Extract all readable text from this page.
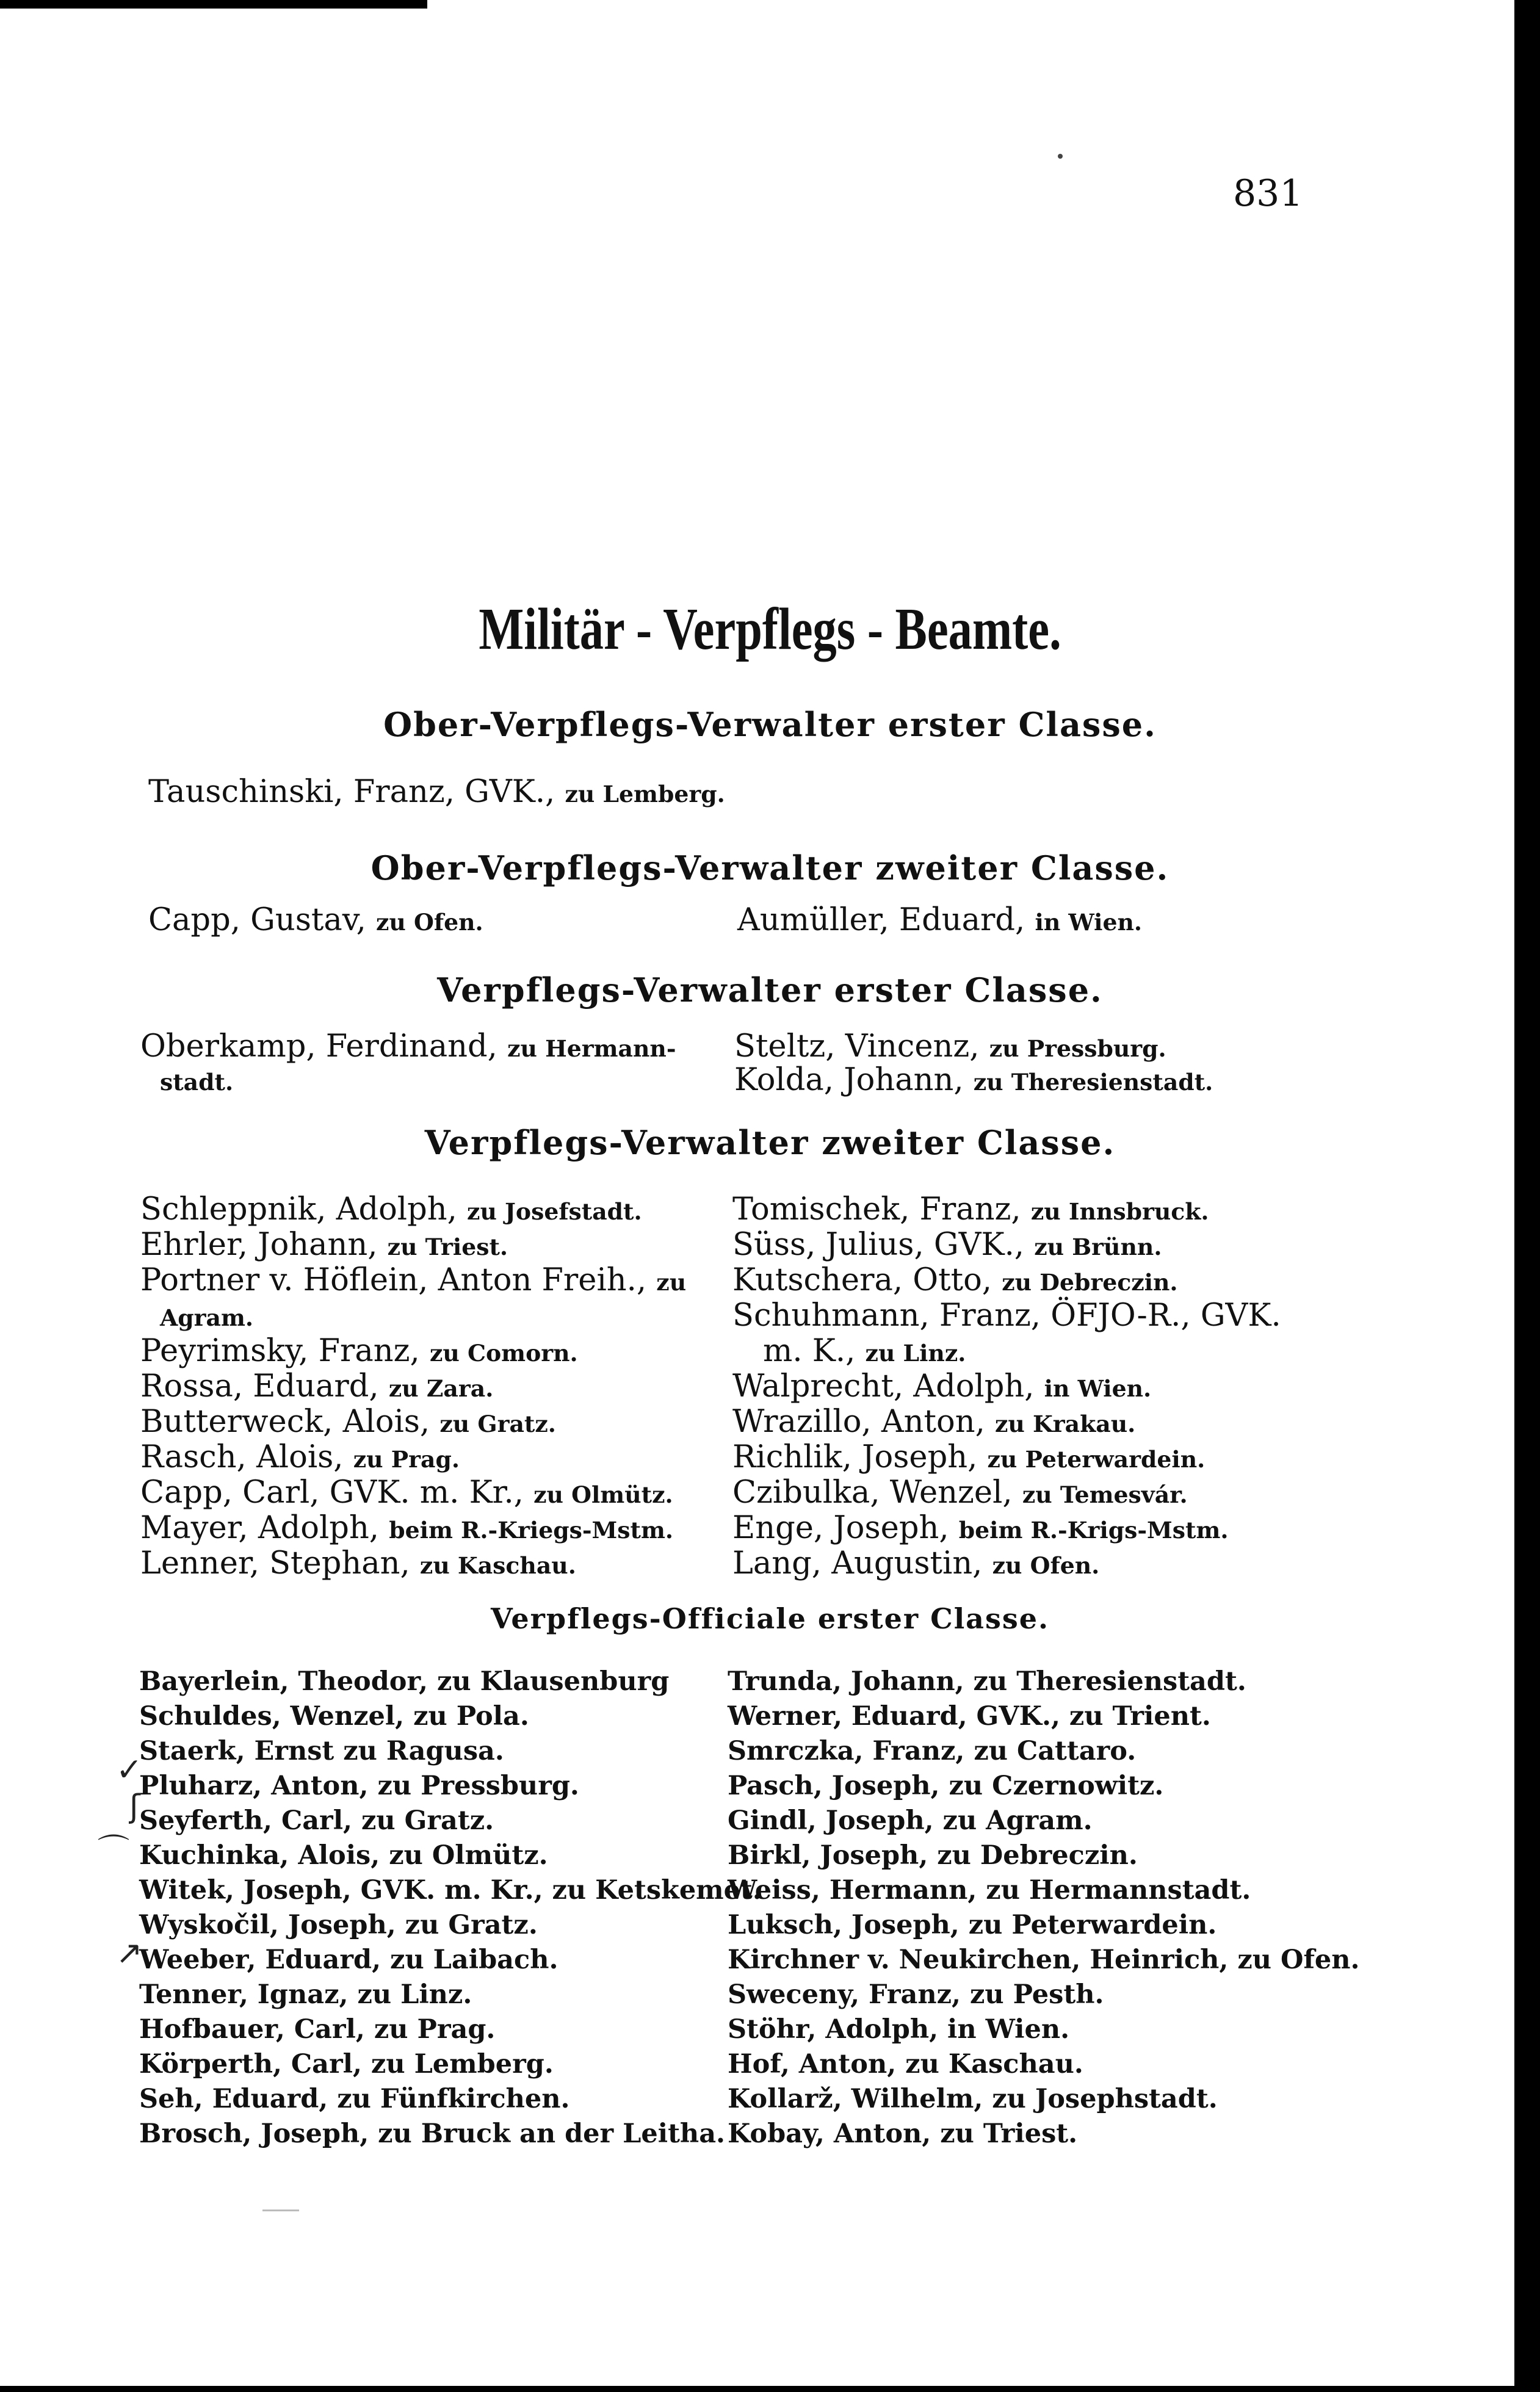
831
Militär - Verpflegs - Beamte.
Ober-Verpflegs-Verwalter erster Classe.
Ober-Verpflegs-Verwalter zweiter Classe.
Verpflegs-Verwalter erster Classe.
Verpflegs-Verwalter zweiter Classe.
Verpflegs-Officiale erster Classe.
Tauschinski, Franz, GVK., zu Lemberg.
Capp, Gustav, zu Ofen.	Aumüller, Eduard, in Wien.
Oberkamp, Ferdinand, zu Hermann-
stadt.
Steltz, Vincenz, zu Pressburg.
Kolda, Johann, zu Theresienstadt.
Schleppnik, Adolph, zu Josefstadt.
Ehrler, Johann, zu Triest.
Portner v. Höflein, Anton Freih., zu
Agram.
Peyrimsky, Franz, zu Comorn.
Rossa, Eduard, zu Zara.
Butterweck, Alois, zu Gratz.
Rasch, Alois, zu Prag.
Capp, Carl, GVK. m. Kr., zu Olmütz.
Mayer, Adolph, beim R.-Kriegs-Mstm.
Lenner, Stephan, zu Kaschau.
Tomischek, Franz, zu Innsbruck.
Süss, Julius, GVK., zu Brünn.
Kutschera, Otto, zu Debreczin.
Schuhmann, Franz, ÖFJO-R., GVK.
m. K., zu Linz.
Walprecht, Adolph, in Wien.
Wrazillo, Anton, zu Krakau.
Richlik, Joseph, zu Peterwardein.
Czibulka, Wenzel, zu Temesvár.
Enge, Joseph, beim R.-Krigs-Mstm.
Lang, Augustin, zu Ofen.
Bayerlein, Theodor, zu Klausenburg
Schuldes, Wenzel, zu Pola.
Staerk, Ernst zu Ragusa.
Pluharz, Anton, zu Pressburg.
Seyferth, Carl, zu Gratz.
Kuchinka, Alois, zu Olmütz.
Witek, Joseph, GVK. m. Kr., zu Ketskemet.
Wyskočil, Joseph, zu Gratz.
Weeber, Eduard, zu Laibach.
Tenner, Ignaz, zu Linz.
Hofbauer, Carl, zu Prag.
Körperth, Carl, zu Lemberg.
Seh, Eduard, zu Fünfkirchen.
Brosch, Joseph, zu Bruck an der Leitha.
Trunda, Johann, zu Theresienstadt.
Werner, Eduard, GVK., zu Trient.
Smrczka, Franz, zu Cattaro.
Pasch, Joseph, zu Czernowitz.
Gindl, Joseph, zu Agram.
Birkl, Joseph, zu Debreczin.
Weiss, Hermann, zu Hermannstadt.
Luksch, Joseph, zu Peterwardein.
Kirchner v. Neukirchen, Heinrich, zu Ofen.
Sweceny, Franz, zu Pesth.
Stöhr, Adolph, in Wien.
Hof, Anton, zu Kaschau.
Kollarž, Wilhelm, zu Josephstadt.
Kobay, Anton, zu Triest.
✓
ʃ
⌒
↗
